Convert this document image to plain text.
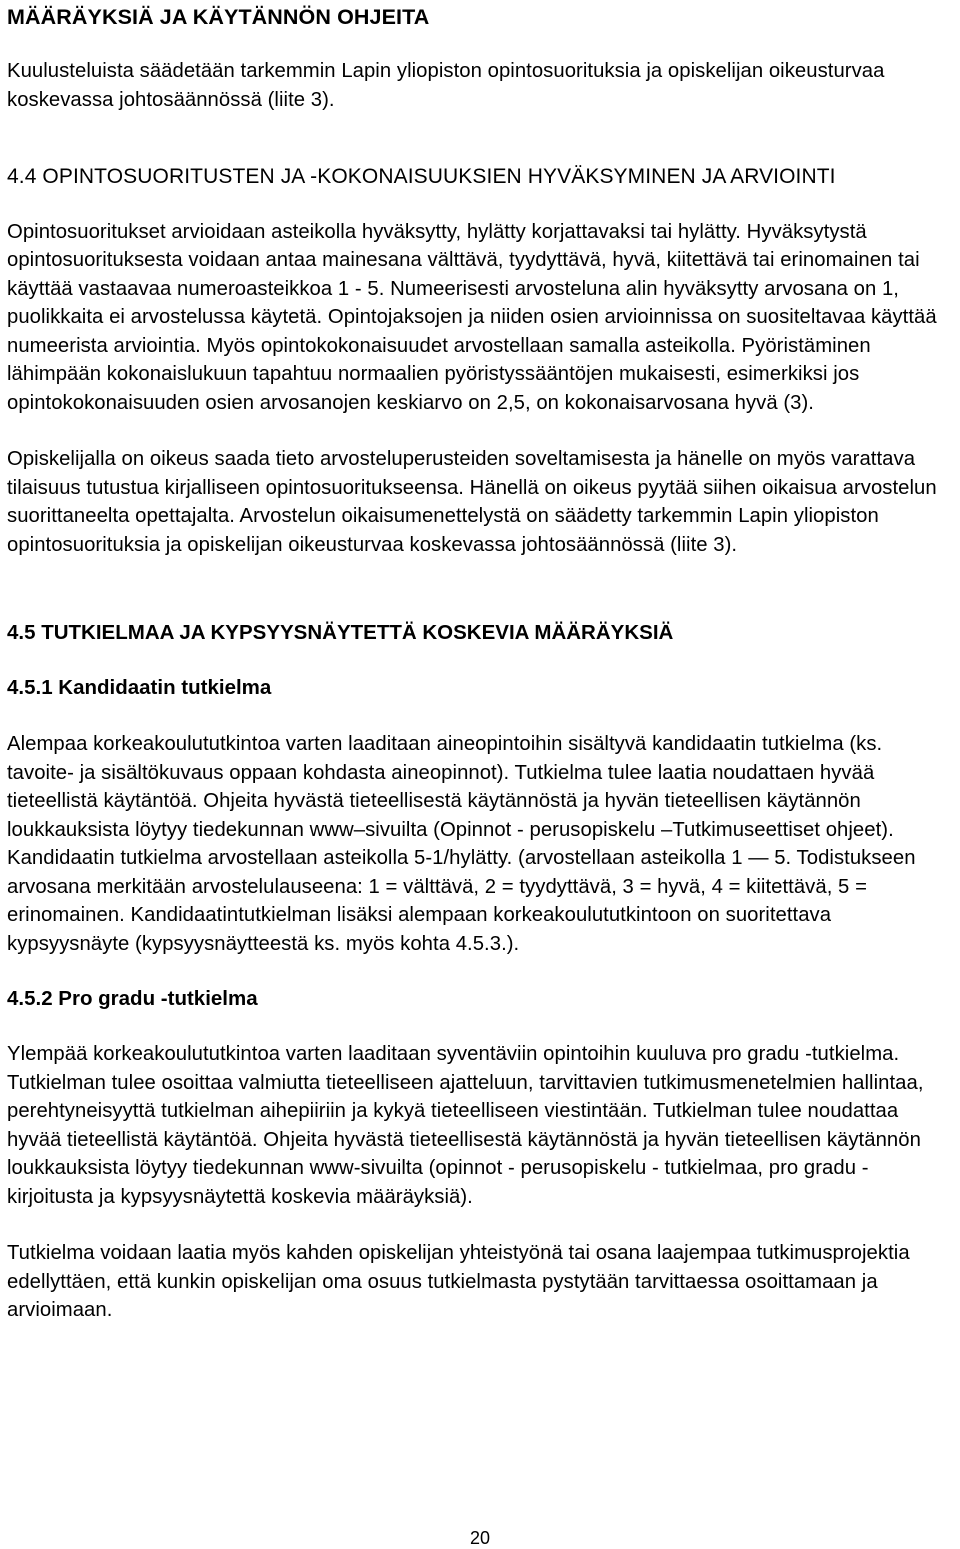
MÄÄRÄYKSIÄ JA KÄYTÄNNÖN OHJEITA

Kuulusteluista säädetään tarkemmin Lapin yliopiston opintosuorituksia ja opiskelijan oikeusturvaa koskevassa johtosäännössä (liite 3).

4.4 OPINTOSUORITUSTEN JA -KOKONAISUUKSIEN HYVÄKSYMINEN JA ARVIOINTI

Opintosuoritukset arvioidaan asteikolla hyväksytty, hylätty korjattavaksi tai hylätty. Hyväksytystä opintosuorituksesta voidaan antaa mainesana välttävä, tyydyttävä, hyvä, kiitettävä tai erinomainen tai käyttää vastaavaa numeroasteikkoa 1 - 5. Numeerisesti arvosteluna alin hyväksytty arvosana on 1, puolikkaita ei arvostelussa käytetä. Opintojaksojen ja niiden osien arvioinnissa on suositeltavaa käyttää numeerista arviointia. Myös opintokokonaisuudet arvostellaan samalla asteikolla. Pyöristäminen lähimpään kokonaislukuun tapahtuu normaalien pyöristyssääntöjen mukaisesti, esimerkiksi jos opintokokonaisuuden osien arvosanojen keskiarvo on 2,5, on kokonaisarvosana hyvä (3).

Opiskelijalla on oikeus saada tieto arvosteluperusteiden soveltamisesta ja hänelle on myös varattava tilaisuus tutustua kirjalliseen opintosuoritukseensa. Hänellä on oikeus pyytää siihen oikaisua arvostelun suorittaneelta opettajalta. Arvostelun oikaisumenettelystä on säädetty tarkemmin Lapin yliopiston opintosuorituksia ja opiskelijan oikeusturvaa koskevassa johtosäännössä (liite 3).

4.5 TUTKIELMAA JA KYPSYYSNÄYTETTÄ KOSKEVIA MÄÄRÄYKSIÄ
4.5.1 Kandidaatin tutkielma

Alempaa korkeakoulututkintoa varten laaditaan aineopintoihin sisältyvä kandidaatin tutkielma (ks. tavoite- ja sisältökuvaus oppaan kohdasta aineopinnot). Tutkielma tulee laatia noudattaen hyvää tieteellistä käytäntöä. Ohjeita hyvästä tieteellisestä käytännöstä ja hyvän tieteellisen käytännön loukkauksista löytyy tiedekunnan www–sivuilta (Opinnot - perusopiskelu –Tutkimuseettiset ohjeet). Kandidaatin tutkielma arvostellaan asteikolla 5-1/hylätty. (arvostellaan asteikolla 1 — 5. Todistukseen arvosana merkitään arvostelulauseena: 1 = välttävä, 2 = tyydyttävä, 3 = hyvä, 4 = kiitettävä, 5 = erinomainen. Kandidaatintutkielman lisäksi alempaan korkeakoulututkintoon on suoritettava kypsyysnäyte (kypsyysnäytteestä ks. myös kohta 4.5.3.).

4.5.2 Pro gradu -tutkielma

Ylempää korkeakoulututkintoa varten laaditaan syventäviin opintoihin kuuluva pro gradu -tutkielma. Tutkielman tulee osoittaa valmiutta tieteelliseen ajatteluun, tarvittavien tutkimusmenetelmien hallintaa, perehtyneisyyttä tutkielman aihepiiriin ja kykyä tieteelliseen viestintään. Tutkielman tulee noudattaa hyvää tieteellistä käytäntöä. Ohjeita hyvästä tieteellisestä käytännöstä ja hyvän tieteellisen käytännön loukkauksista löytyy tiedekunnan www-sivuilta (opinnot - perusopiskelu - tutkielmaa, pro gradu -kirjoitusta ja kypsyysnäytettä koskevia määräyksiä).

Tutkielma voidaan laatia myös kahden opiskelijan yhteistyönä tai osana laajempaa tutkimusprojektia edellyttäen, että kunkin opiskelijan oma osuus tutkielmasta pystytään tarvittaessa osoittamaan ja arvioimaan.

20
